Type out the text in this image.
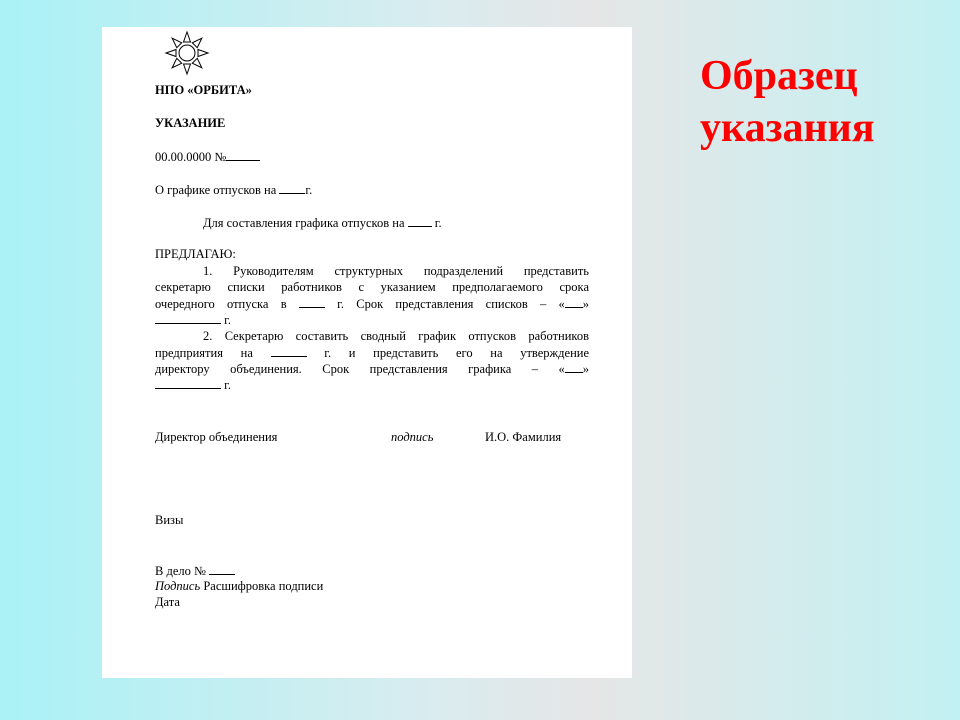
Образец
указания
НПО «ОРБИТА»
УКАЗАНИЕ
00.00.0000 №
О графике отпусков на г.
Для составления графика отпусков на г.
ПРЕДЛАГАЮ:
1. Руководителям структурных подразделений представить
секретарю списки работников с указанием предполагаемого срока
очередного отпуска в	г. Срок представления списков – « »
г.
2. Секретарю составить сводный график отпусков работников
предприятия на	г. и представить его на утверждение
директору объединения. Срок представления графика – « »
г.
Директор объединения	подпись	И.О. Фамилия
Визы
В дело №
Подпись Расшифровка подписи
Дата
